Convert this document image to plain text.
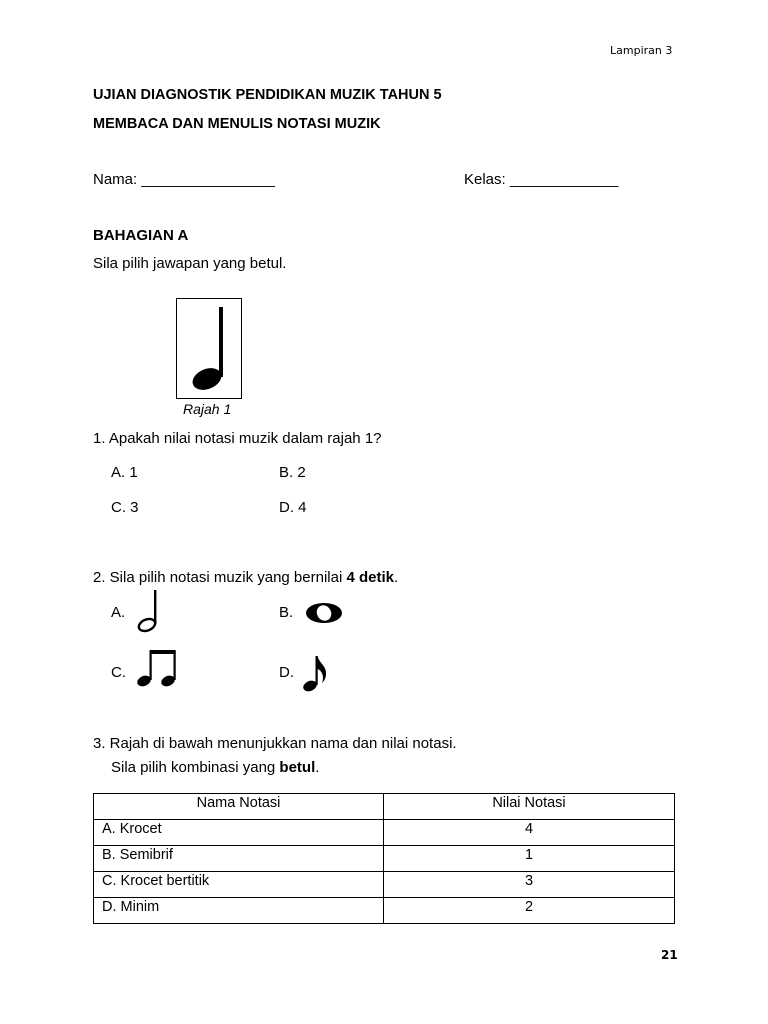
Lampiran 3
UJIAN DIAGNOSTIK PENDIDIKAN MUZIK TAHUN 5
MEMBACA DAN MENULIS NOTASI MUZIK
Nama: ________________	Kelas: _____________
BAHAGIAN A
Sila pilih jawapan yang betul.
Rajah 1
1. Apakah nilai notasi muzik dalam rajah 1?
A. 1	B. 2
C. 3	D. 4
2. Sila pilih notasi muzik yang bernilai 4 detik.
A.	B.
C.	D.
3. Rajah di bawah menunjukkan nama dan nilai notasi.
Sila pilih kombinasi yang betul.
Nama Notasi	Nilai Notasi
A. Krocet	4
B. Semibrif	1
C. Krocet bertitik	3
D. Minim	2
21
